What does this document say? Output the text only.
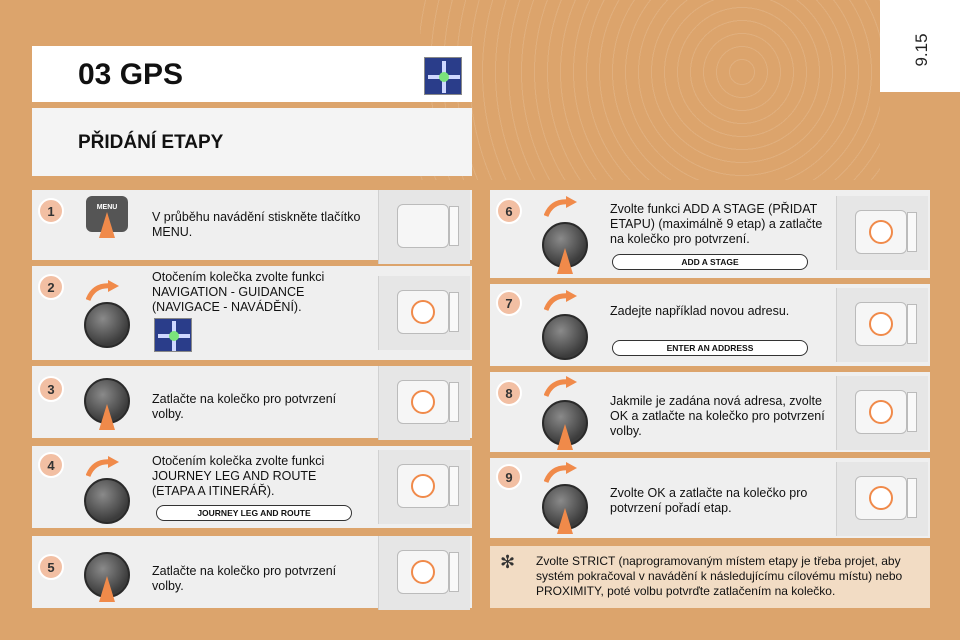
9.15
03 GPS
PŘIDÁNÍ ETAPY
1	MENU
V průběhu navádění stiskněte tlačítko MENU.
2
Otočením kolečka zvolte funkci NAVIGATION - GUIDANCE (NAVIGACE - NAVÁDĚNÍ).
3
Zatlačte na kolečko pro potvrzení volby.
4	Otočením kolečka zvolte funkci JOURNEY LEG AND ROUTE (ETAPA A ITINERÁŘ).
JOURNEY LEG AND ROUTE
5	Zatlačte na kolečko pro potvrzení volby.
6	Zvolte funkci ADD A STAGE (PŘIDAT ETAPU) (maximálně 9 etap) a zatlačte na kolečko pro potvrzení.
ADD A STAGE
7
Zadejte například novou adresu.
ENTER AN ADDRESS
8
Jakmile je zadána nová adresa, zvolte OK a zatlačte na kolečko pro potvrzení volby.
9
Zvolte OK a zatlačte na kolečko pro potvrzení pořadí etap.
✻ Zvolte STRICT (naprogramovaným místem etapy je třeba projet, aby systém pokračoval v navádění k následujícímu cílovému místu) nebo PROXIMITY, poté volbu potvrďte zatlačením na kolečko.
